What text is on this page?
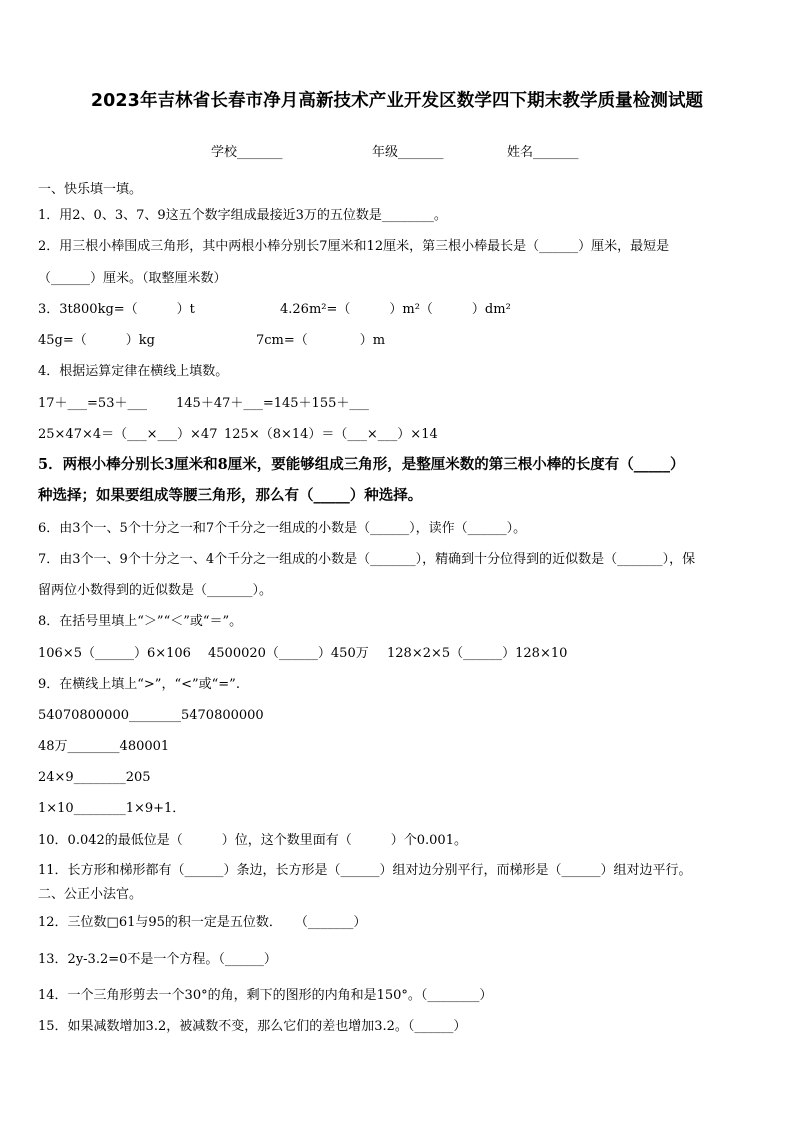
2023年吉林省长春市净月高新技术产业开发区数学四下期末教学质量检测试题
学校_______	年级_______	姓名_______
一、快乐填一填。
1．用2、0、3、7、9这五个数字组成最接近3万的五位数是________。
2．用三根小棒围成三角形，其中两根小棒分别长7厘米和12厘米，第三根小棒最长是（______）厘米，最短是
（______）厘米。（取整厘米数）
3．3t800kg=（　　　）t	4.26m²=（　　　）m²（　　　）dm²
45g=（　　　）kg	7cm=（　　　　）m
4．根据运算定律在横线上填数。
17＋___=53＋___ 145＋47＋___=145＋155＋___
25×47×4＝（___×___）×47 125×（8×14）＝（___×___）×14
5．两根小棒分别长3厘米和8厘米，要能够组成三角形，是整厘米数的第三根小棒的长度有（_____）
种选择；如果要组成等腰三角形，那么有（_____）种选择。
6．由3个一、5个十分之一和7个千分之一组成的小数是（______），读作（______）。
7．由3个一、9个十分之一、4个千分之一组成的小数是（_______），精确到十分位得到的近似数是（_______），保
留两位小数得到的近似数是（_______）。
8．在括号里填上“＞”“＜”或“＝”。
106×5（______）6×106 4500020（______）450万 128×2×5（______）128×10
9．在横线上填上“>”，“<”或“=”.
54070800000________5470800000
48万________480001
24×9________205
1×10________1×9+1．
10．0.042的最低位是（　　　）位，这个数里面有（　　　）个0.001。
11．长方形和梯形都有（______）条边，长方形是（______）组对边分别平行，而梯形是（______）组对边平行。
二、公正小法官。
12．三位数□61与95的积一定是五位数．　　（_______）
13．2y-3.2=0不是一个方程。（______）
14．一个三角形剪去一个30°的角，剩下的图形的内角和是150°。（________）
15．如果减数增加3.2，被减数不变，那么它们的差也增加3.2。（______）
